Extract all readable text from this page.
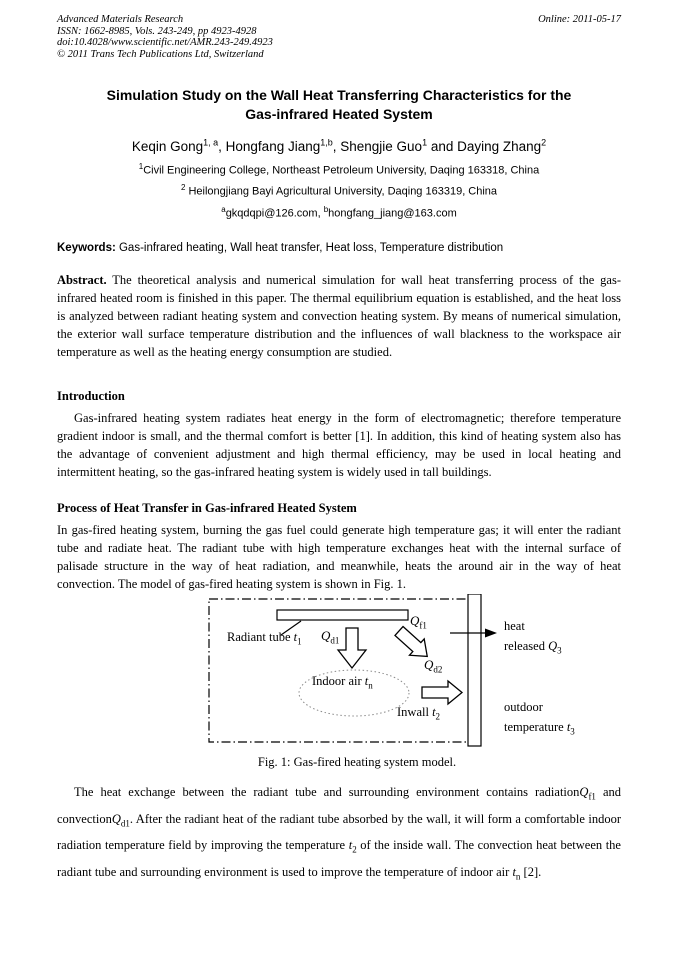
Advanced Materials Research
ISSN: 1662-8985, Vols. 243-249, pp 4923-4928
doi:10.4028/www.scientific.net/AMR.243-249.4923
© 2011 Trans Tech Publications Ltd, Switzerland
Online: 2011-05-17
Simulation Study on the Wall Heat Transferring Characteristics for the
Gas-infrared Heated System
Keqin Gong$^{1, a}$, Hongfang Jiang$^{1,b}$, Shengjie Guo$^1$ and Daying Zhang$^2$
$^1$Civil Engineering College, Northeast Petroleum University, Daqing 163318, China
$^2$ Heilongjiang Bayi Agricultural University, Daqing 163319, China
$^a$gkqdqpi@126.com, $^b$hongfang_jiang@163.com
Keywords: Gas-infrared heating, Wall heat transfer, Heat loss, Temperature distribution
Abstract. The theoretical analysis and numerical simulation for wall heat transferring process of the gas-infrared heated room is finished in this paper. The thermal equilibrium equation is established, and the heat loss is analyzed between radiant heating system and convection heating system. By means of numerical simulation, the exterior wall surface temperature distribution and the influences of wall blackness to the workspace air temperature as well as the heating energy consumption are studied.
Introduction
Gas-infrared heating system radiates heat energy in the form of electromagnetic; therefore temperature gradient indoor is small, and the thermal comfort is better [1]. In addition, this kind of heating system also has the advantage of convenient adjustment and high thermal efficiency, may be used in local heating and intermittent heating, so the gas-infrared heating system is widely used in tall buildings.
Process of Heat Transfer in Gas-infrared Heated System
In gas-fired heating system, burning the gas fuel could generate high temperature gas; it will enter the radiant tube and radiate heat. The radiant tube with high temperature exchanges heat with the internal surface of palisade structure in the way of heat radiation, and meanwhile, heats the around air in the way of heat convection. The model of gas-fired heating system is shown in Fig. 1.
Radiant tube $t_1$ $Q_{d1}$
$Q_{f1}$	heat
released $Q_3$
$Q_{d2}$
Indoor air $t_n$
Inwall $t_2$
outdoor
temperature $t_3$
Fig. 1: Gas-fired heating system model.
The heat exchange between the radiant tube and surrounding environment contains radiationQ$_{f1}$ and convectionQ$_{d1}$. After the radiant heat of the radiant tube absorbed by the wall, it will form a comfortable indoor radiation temperature field by improving the temperature $t_2$ of the inside wall. The convection heat between the radiant tube and surrounding environment is used to improve the temperature of indoor air $t_n$ [2].
